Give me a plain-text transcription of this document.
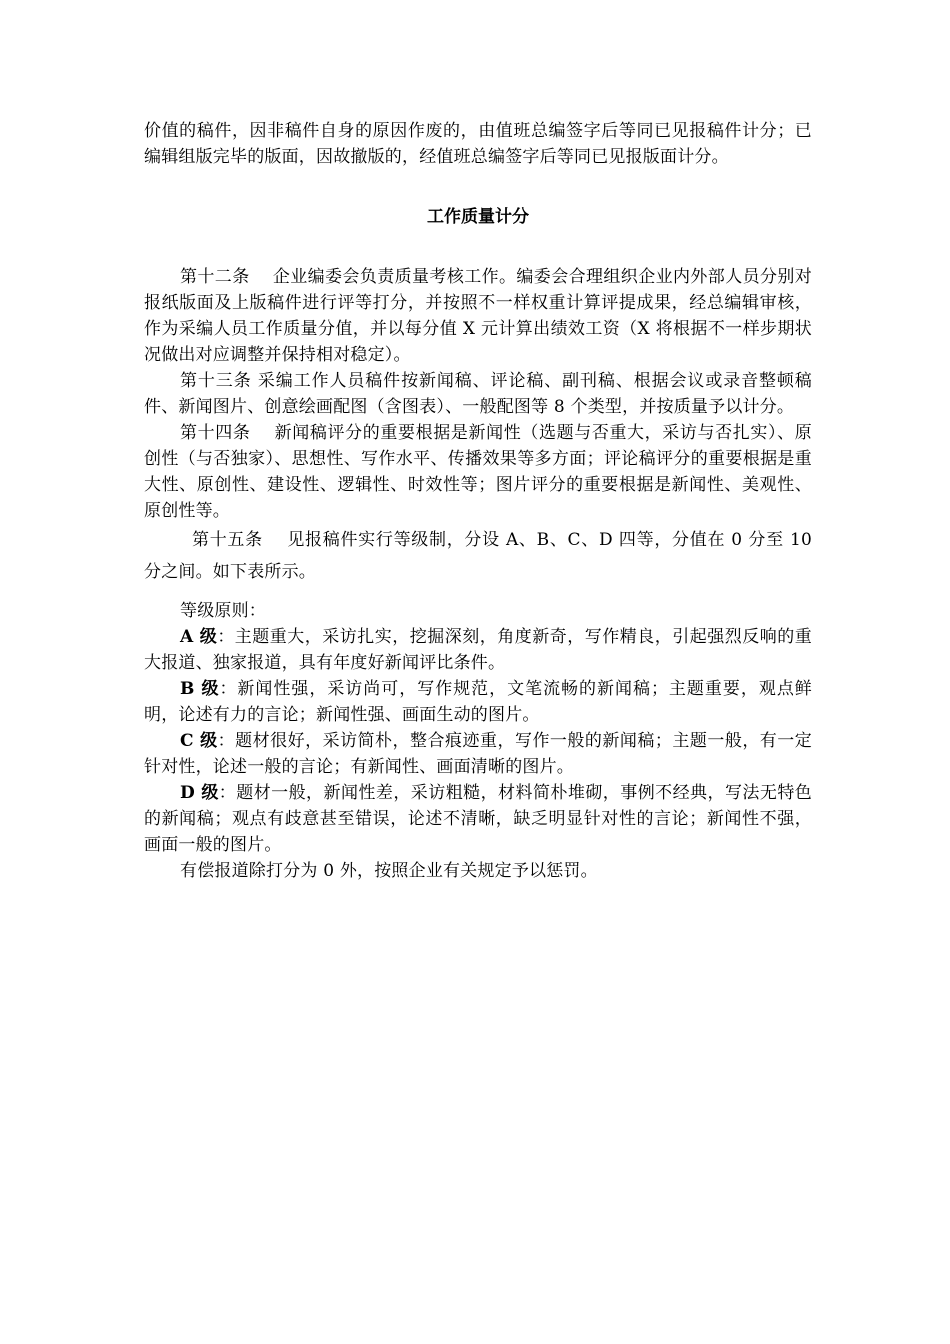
价值的稿件，因非稿件自身的原因作废的，由值班总编签字后等同已见报稿件计分；已编辑组版完毕的版面，因故撤版的，经值班总编签字后等同已见报版面计分。

工作质量计分

第十二条 企业编委会负责质量考核工作。编委会合理组织企业内外部人员分别对报纸版面及上版稿件进行评等打分，并按照不一样权重计算评提成果，经总编辑审核，作为采编人员工作质量分值，并以每分值 X 元计算出绩效工资（X 将根据不一样步期状况做出对应调整并保持相对稳定）。

第十三条 采编工作人员稿件按新闻稿、评论稿、副刊稿、根据会议或录音整顿稿件、新闻图片、创意绘画配图（含图表）、一般配图等 8 个类型，并按质量予以计分。

第十四条 新闻稿评分的重要根据是新闻性（选题与否重大，采访与否扎实）、原创性（与否独家）、思想性、写作水平、传播效果等多方面；评论稿评分的重要根据是重大性、原创性、建设性、逻辑性、时效性等；图片评分的重要根据是新闻性、美观性、原创性等。

第十五条 见报稿件实行等级制，分设 A、B、C、D 四等，分值在 0 分至 10 分之间。如下表所示。

等级原则：

A 级：主题重大，采访扎实，挖掘深刻，角度新奇，写作精良，引起强烈反响的重大报道、独家报道，具有年度好新闻评比条件。

B 级：新闻性强，采访尚可，写作规范，文笔流畅的新闻稿；主题重要，观点鲜明，论述有力的言论；新闻性强、画面生动的图片。

C 级：题材很好，采访简朴，整合痕迹重，写作一般的新闻稿；主题一般，有一定针对性，论述一般的言论；有新闻性、画面清晰的图片。

D 级：题材一般，新闻性差，采访粗糙，材料简朴堆砌，事例不经典，写法无特色的新闻稿；观点有歧意甚至错误，论述不清晰，缺乏明显针对性的言论；新闻性不强，画面一般的图片。

有偿报道除打分为 0 外，按照企业有关规定予以惩罚。
